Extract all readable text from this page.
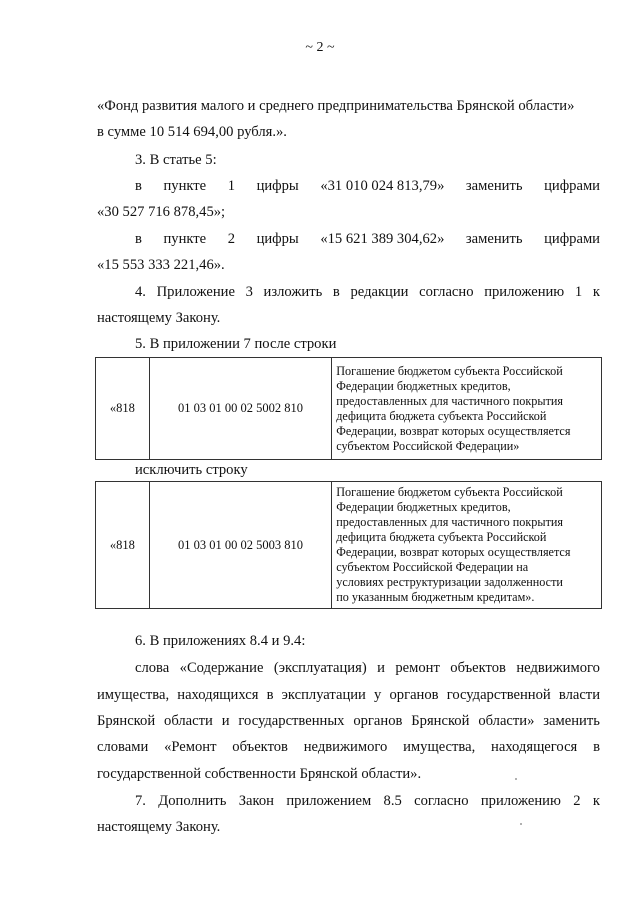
~ 2 ~
«Фонд развития малого и среднего предпринимательства Брянской области»
в сумме 10 514 694,00 рубля.».
3. В статье 5:
в пункте 1 цифры «31 010 024 813,79» заменить цифрами
«30 527 716 878,45»;
в пункте 2 цифры «15 621 389 304,62» заменить цифрами
«15 553 333 221,46».
4. Приложение 3 изложить в редакции согласно приложению 1 к
настоящему Закону.
5. В приложении 7 после строки
«818	01 03 01 00 02 5002 810	
Погашение бюджетом субъекта Российской
Федерации бюджетных кредитов,
предоставленных для частичного покрытия
дефицита бюджета субъекта Российской
Федерации, возврат которых осуществляется
субъектом Российской Федерации»
исключить строку
«818	01 03 01 00 02 5003 810	
Погашение бюджетом субъекта Российской
Федерации бюджетных кредитов,
предоставленных для частичного покрытия
дефицита бюджета субъекта Российской
Федерации, возврат которых осуществляется
субъектом Российской Федерации на
условиях реструктуризации задолженности
по указанным бюджетным кредитам».
6. В приложениях 8.4 и 9.4:
слова «Содержание (эксплуатация) и ремонт объектов недвижимого
имущества, находящихся в эксплуатации у органов государственной власти
Брянской области и государственных органов Брянской области» заменить
словами «Ремонт объектов недвижимого имущества, находящегося в
государственной собственности Брянской области».
7. Дополнить Закон приложением 8.5 согласно приложению 2 к
настоящему Закону.
